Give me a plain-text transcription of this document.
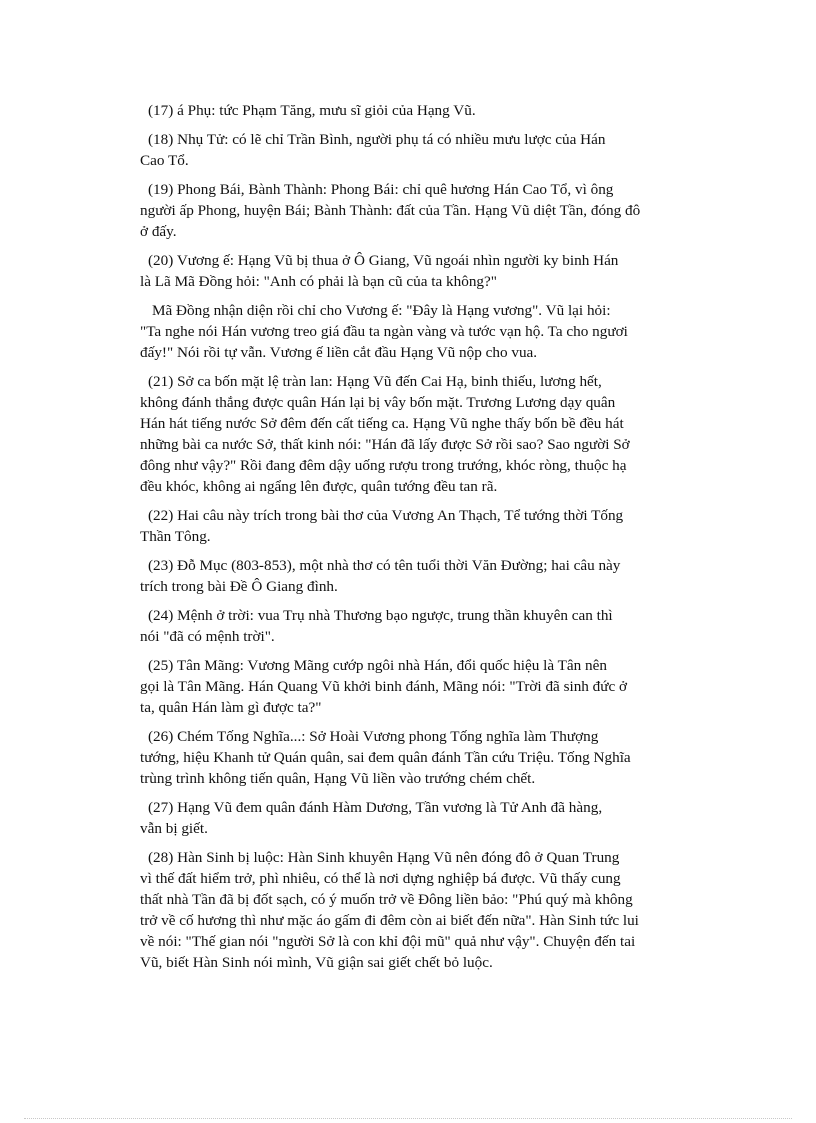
(17) á Phụ: tức Phạm Tăng, mưu sĩ giỏi của Hạng Vũ.
(18) Nhụ Tử: có lẽ chỉ Trần Bình, người phụ tá có nhiều mưu lược của Hán
Cao Tổ.
(19) Phong Bái, Bành Thành: Phong Bái: chỉ quê hương Hán Cao Tổ, vì ông
người ấp Phong, huyện Bái; Bành Thành: đất của Tần. Hạng Vũ diệt Tần, đóng đô
ở đấy.
(20) Vương ế: Hạng Vũ bị thua ở Ô Giang, Vũ ngoái nhìn người ky binh Hán
là Lã Mã Đồng hỏi: "Anh có phải là bạn cũ của ta không?"
Mã Đồng nhận diện rồi chỉ cho Vương ế: "Đây là Hạng vương". Vũ lại hỏi:
"Ta nghe nói Hán vương treo giá đầu ta ngàn vàng và tước vạn hộ. Ta cho ngươi
đấy!" Nói rồi tự vẫn. Vương ế liền cắt đầu Hạng Vũ nộp cho vua.
(21) Sở ca bốn mặt lệ tràn lan: Hạng Vũ đến Cai Hạ, binh thiếu, lương hết,
không đánh thắng được quân Hán lại bị vây bốn mặt. Trương Lương dạy quân
Hán hát tiếng nước Sở đêm đến cất tiếng ca. Hạng Vũ nghe thấy bốn bề đều hát
những bài ca nước Sở, thất kinh nói: "Hán đã lấy được Sở rồi sao? Sao người Sở
đông như vậy?" Rồi đang đêm dậy uống rượu trong trướng, khóc ròng, thuộc hạ
đều khóc, không ai ngẩng lên được, quân tướng đều tan rã.
(22) Hai câu này trích trong bài thơ của Vương An Thạch, Tể tướng thời Tống
Thần Tông.
(23) Đỗ Mục (803-853), một nhà thơ có tên tuổi thời Văn Đường; hai câu này
trích trong bài Đề Ô Giang đình.
(24) Mệnh ở trời: vua Trụ nhà Thương bạo ngược, trung thần khuyên can thì
nói "đã có mệnh trời".
(25) Tân Mãng: Vương Mãng cướp ngôi nhà Hán, đổi quốc hiệu là Tân nên
gọi là Tân Mãng. Hán Quang Vũ khởi binh đánh, Mãng nói: "Trời đã sinh đức ở
ta, quân Hán làm gì được ta?"
(26) Chém Tống Nghĩa...: Sở Hoài Vương phong Tống nghĩa làm Thượng
tướng, hiệu Khanh tử Quán quân, sai đem quân đánh Tần cứu Triệu. Tống Nghĩa
trùng trình không tiến quân, Hạng Vũ liền vào trướng chém chết.
(27) Hạng Vũ đem quân đánh Hàm Dương, Tần vương là Tử Anh đã hàng,
vẫn bị giết.
(28) Hàn Sinh bị luộc: Hàn Sinh khuyên Hạng Vũ nên đóng đô ở Quan Trung
vì thế đất hiểm trở, phì nhiêu, có thể là nơi dựng nghiệp bá được. Vũ thấy cung
thất nhà Tần đã bị đốt sạch, có ý muốn trở về Đông liền bảo: "Phú quý mà không
trở về cố hương thì như mặc áo gấm đi đêm còn ai biết đến nữa". Hàn Sinh tức lui
về nói: "Thế gian nói "người Sở là con khỉ đội mũ" quả như vậy". Chuyện đến tai
Vũ, biết Hàn Sinh nói mình, Vũ giận sai giết chết bỏ luộc.
